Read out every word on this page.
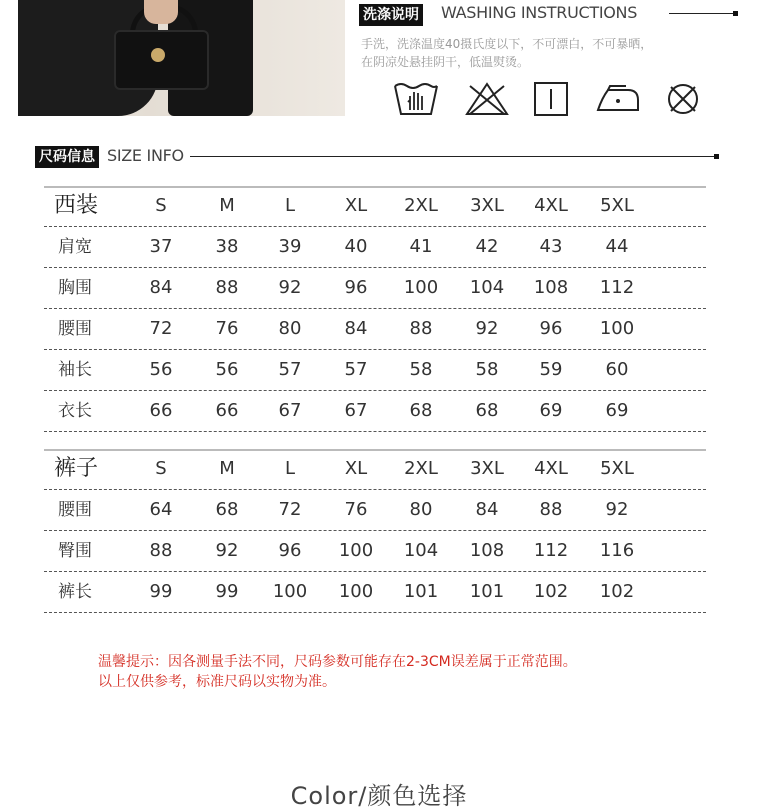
洗涤说明 WASHING INSTRUCTIONS
手洗，洗涤温度40摄氏度以下，不可漂白，不可暴晒，
在阴凉处悬挂阴干，低温熨烫。
尺码信息 SIZE INFO
西装	S	M	L	XL	2XL	3XL	4XL	5XL
肩宽	37	38	39	40	41	42	43	44
胸围	84	88	92	96	100	104	108	112
腰围	72	76	80	84	88	92	96	100
袖长	56	56	57	57	58	58	59	60
衣长	66	66	67	67	68	68	69	69
裤子	S	M	L	XL	2XL	3XL	4XL	5XL
腰围	64	68	72	76	80	84	88	92
臀围	88	92	96	100	104	108	112	116
裤长	99	99	100	100	101	101	102	102
温馨提示：因各测量手法不同，尺码参数可能存在2-3CM误差属于正常范围。
以上仅供参考，标准尺码以实物为准。
Color/颜色选择
